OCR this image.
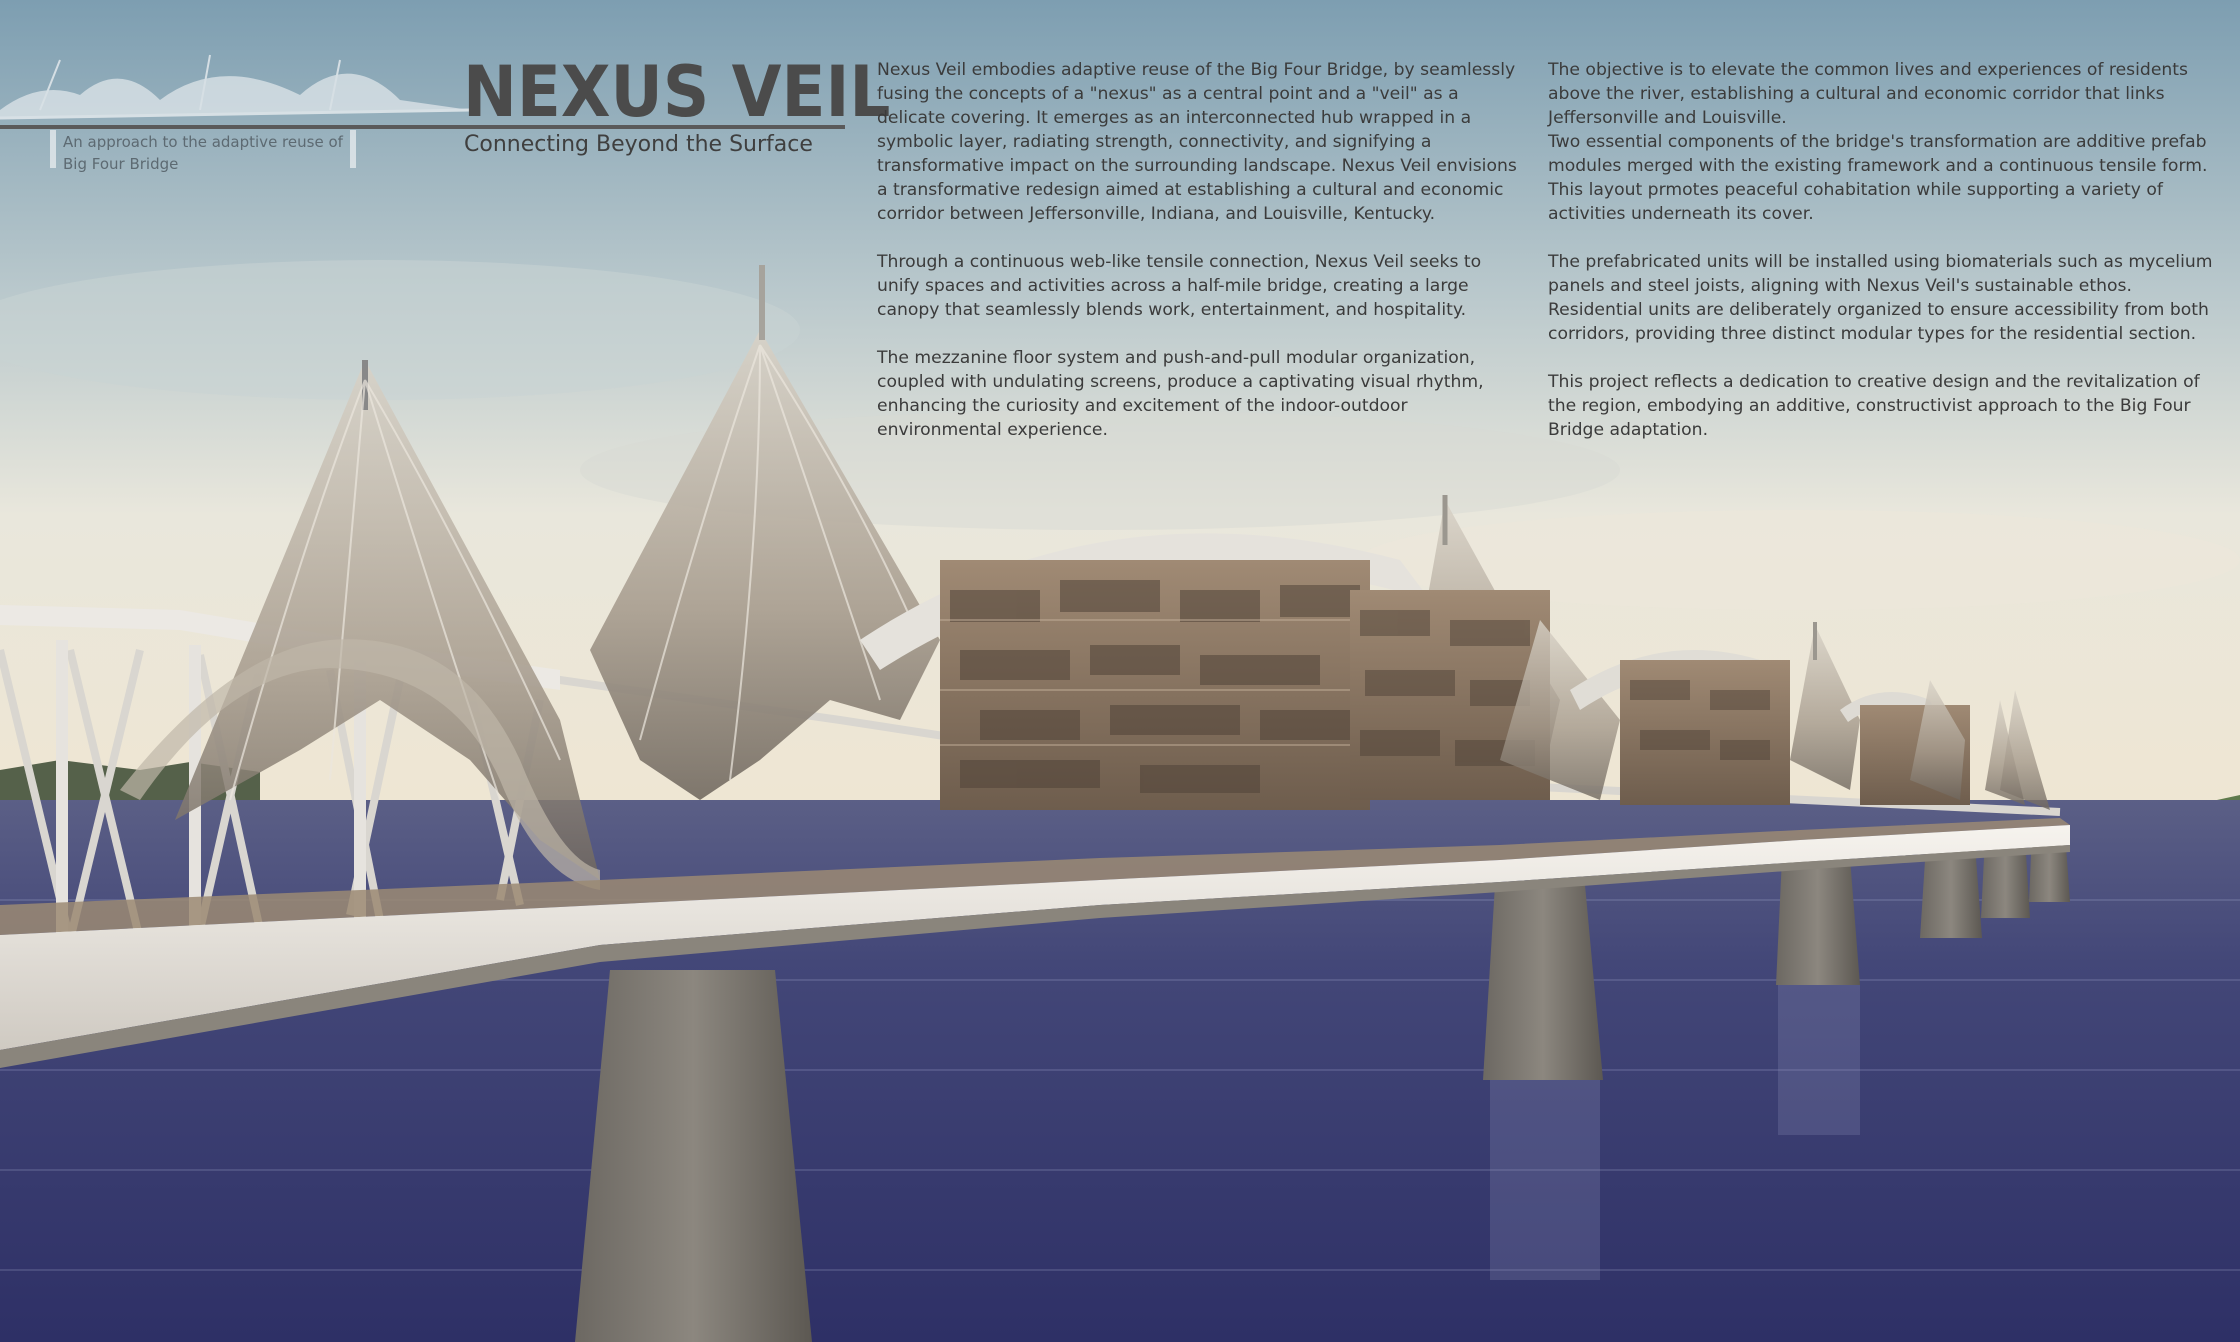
NEXUS VEIL
Connecting Beyond the Surface
An approach to the adaptive reuse of Big Four Bridge

Nexus Veil embodies adaptive reuse of the Big Four Bridge, by seamlessly fusing the concepts of a "nexus" as a central point and a "veil" as a delicate covering. It emerges as an interconnected hub wrapped in a symbolic layer, radiating strength, connectivity, and signifying a transformative impact on the surrounding landscape. Nexus Veil envisions a transformative redesign aimed at establishing a cultural and economic corridor between Jeffersonville, Indiana, and Louisville, Kentucky.

Through a continuous web-like tensile connection, Nexus Veil seeks to unify spaces and activities across a half-mile bridge, creating a large canopy that seamlessly blends work, entertainment, and hospitality.

The mezzanine floor system and push-and-pull modular organization, coupled with undulating screens, produce a captivating visual rhythm, enhancing the curiosity and excitement of the indoor-outdoor environmental experience.

The objective is to elevate the common lives and experiences of residents above the river, establishing a cultural and economic corridor that links Jeffersonville and Louisville.

Two essential components of the bridge's transformation are additive prefab modules merged with the existing framework and a continuous tensile form. This layout prmotes peaceful cohabitation while supporting a variety of activities underneath its cover.

The prefabricated units will be installed using biomaterials such as mycelium panels and steel joists, aligning with Nexus Veil's sustainable ethos. Residential units are deliberately organized to ensure accessibility from both corridors, providing three distinct modular types for the residential section.

This project reflects a dedication to creative design and the revitalization of the region, embodying an additive, constructivist approach to the Big Four Bridge adaptation.
